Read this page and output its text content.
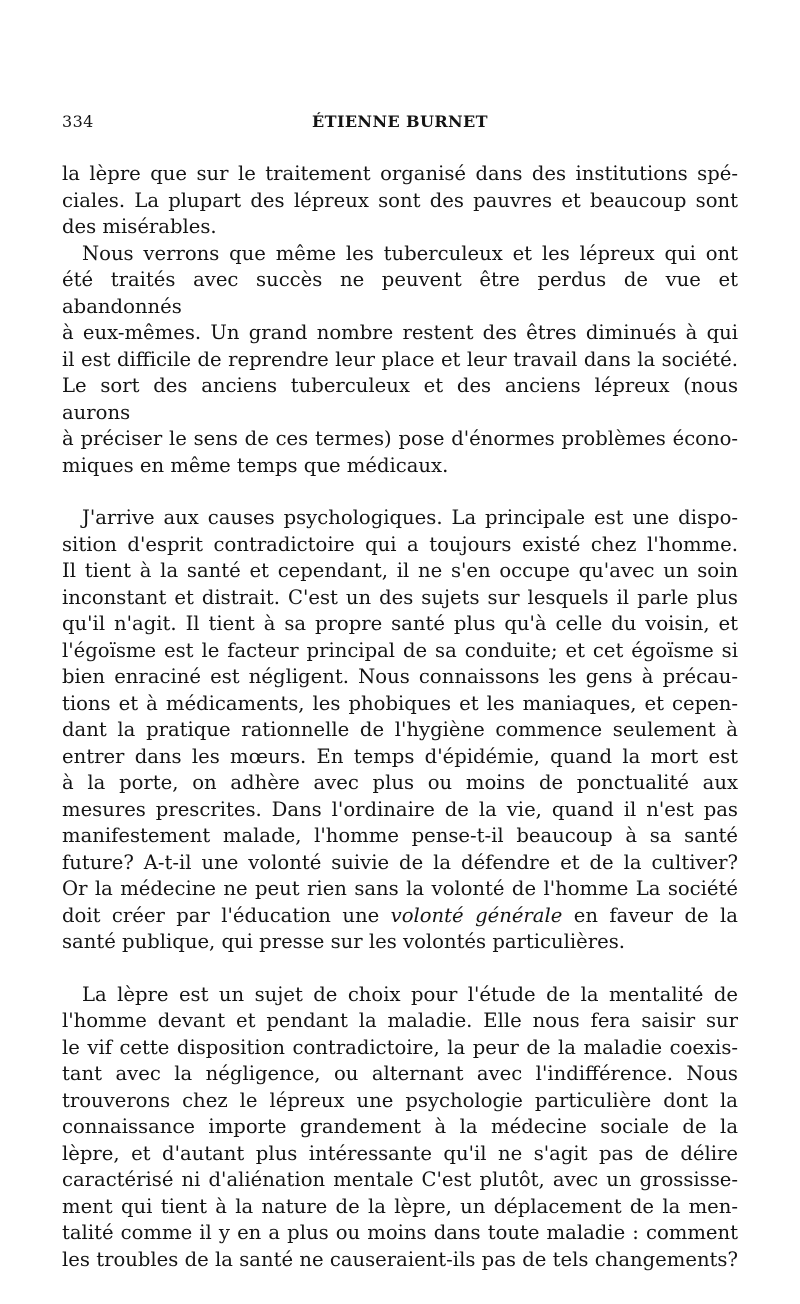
334	ÉTIENNE BURNET
la lèpre que sur le traitement organisé dans des institutions spé-
ciales. La plupart des lépreux sont des pauvres et beaucoup sont
des misérables.
Nous verrons que même les tuberculeux et les lépreux qui ont
été traités avec succès ne peuvent être perdus de vue et abandonnés
à eux-mêmes. Un grand nombre restent des êtres diminués à qui
il est difficile de reprendre leur place et leur travail dans la société.
Le sort des anciens tuberculeux et des anciens lépreux (nous aurons
à préciser le sens de ces termes) pose d'énormes problèmes écono-
miques en même temps que médicaux.
J'arrive aux causes psychologiques. La principale est une dispo-
sition d'esprit contradictoire qui a toujours existé chez l'homme.
Il tient à la santé et cependant, il ne s'en occupe qu'avec un soin
inconstant et distrait. C'est un des sujets sur lesquels il parle plus
qu'il n'agit. Il tient à sa propre santé plus qu'à celle du voisin, et
l'égoïsme est le facteur principal de sa conduite; et cet égoïsme si
bien enraciné est négligent. Nous connaissons les gens à précau-
tions et à médicaments, les phobiques et les maniaques, et cepen-
dant la pratique rationnelle de l'hygiène commence seulement à
entrer dans les mœurs. En temps d'épidémie, quand la mort est
à la porte, on adhère avec plus ou moins de ponctualité aux
mesures prescrites. Dans l'ordinaire de la vie, quand il n'est pas
manifestement malade, l'homme pense-t-il beaucoup à sa santé
future? A-t-il une volonté suivie de la défendre et de la cultiver?
Or la médecine ne peut rien sans la volonté de l'homme La société
doit créer par l'éducation une volonté générale en faveur de la
santé publique, qui presse sur les volontés particulières.
La lèpre est un sujet de choix pour l'étude de la mentalité de
l'homme devant et pendant la maladie. Elle nous fera saisir sur
le vif cette disposition contradictoire, la peur de la maladie coexis-
tant avec la négligence, ou alternant avec l'indifférence. Nous
trouverons chez le lépreux une psychologie particulière dont la
connaissance importe grandement à la médecine sociale de la
lèpre, et d'autant plus intéressante qu'il ne s'agit pas de délire
caractérisé ni d'aliénation mentale C'est plutôt, avec un grossisse-
ment qui tient à la nature de la lèpre, un déplacement de la men-
talité comme il y en a plus ou moins dans toute maladie : comment
les troubles de la santé ne causeraient-ils pas de tels changements?
